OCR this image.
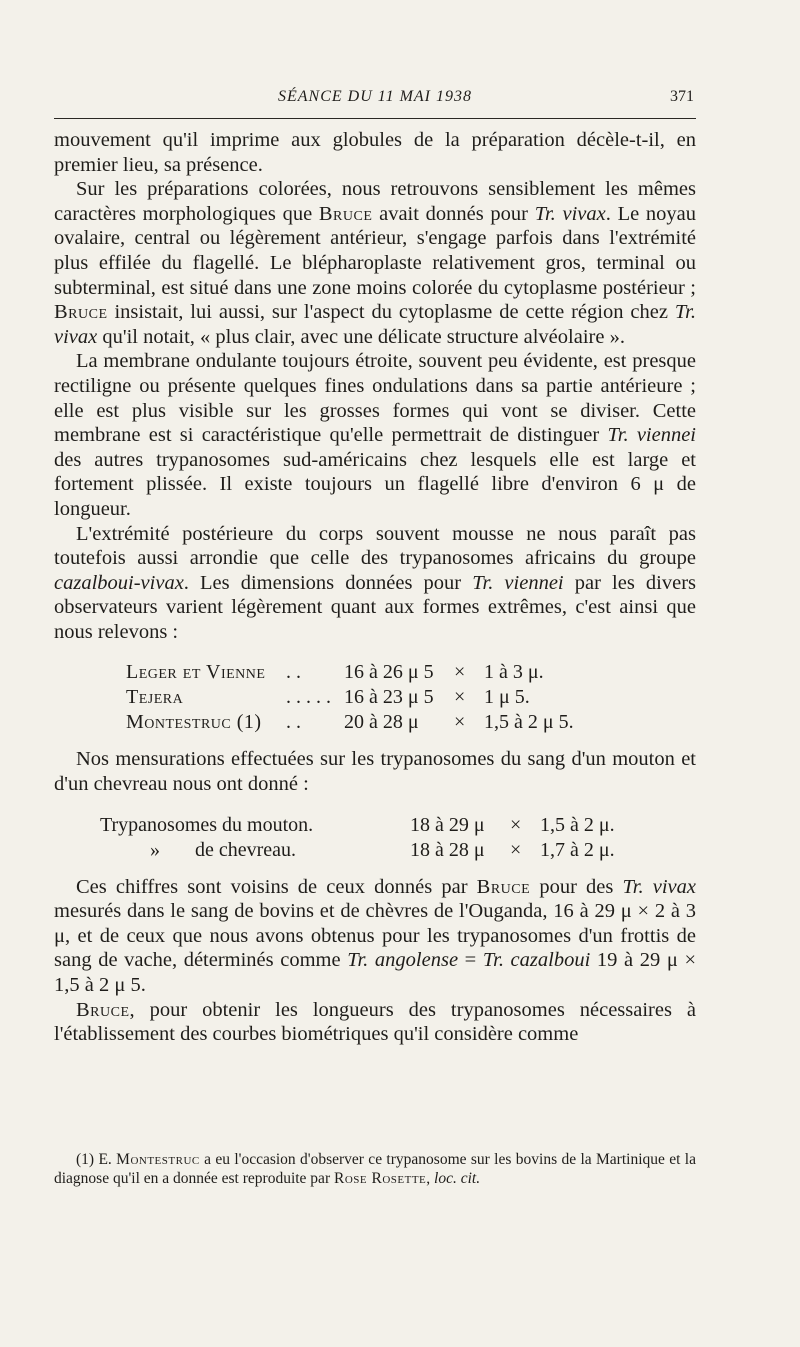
SÉANCE DU 11 MAI 1938	371

mouvement qu'il imprime aux globules de la préparation décèle-t-il, en premier lieu, sa présence.

Sur les préparations colorées, nous retrouvons sensiblement les mêmes caractères morphologiques que Bruce avait donnés pour Tr. vivax. Le noyau ovalaire, central ou légèrement antérieur, s'engage parfois dans l'extrémité plus effilée du flagellé. Le blépharoplaste relativement gros, terminal ou subterminal, est situé dans une zone moins colorée du cytoplasme postérieur ; Bruce insistait, lui aussi, sur l'aspect du cytoplasme de cette région chez Tr. vivax qu'il notait, « plus clair, avec une délicate structure alvéolaire ».

La membrane ondulante toujours étroite, souvent peu évidente, est presque rectiligne ou présente quelques fines ondulations dans sa partie antérieure ; elle est plus visible sur les grosses formes qui vont se diviser. Cette membrane est si caractéristique qu'elle permettrait de distinguer Tr. viennei des autres trypanosomes sud-américains chez lesquels elle est large et fortement plissée. Il existe toujours un flagellé libre d'environ 6 μ de longueur.

L'extrémité postérieure du corps souvent mousse ne nous paraît pas toutefois aussi arrondie que celle des trypanosomes africains du groupe cazalboui-vivax. Les dimensions données pour Tr. viennei par les divers observateurs varient légèrement quant aux formes extrêmes, c'est ainsi que nous relevons :

	Leger et Vienne	. .	16 à 26 μ 5	×	1 à 3 μ.
	Tejera	. . . . .	16 à 23 μ 5	×	1 μ 5.
	Montestruc (1)	. .	20 à 28 μ	×	1,5 à 2 μ 5.

Nos mensurations effectuées sur les trypanosomes du sang d'un mouton et d'un chevreau nous ont donné :

	Trypanosomes du mouton.	18 à 29 μ	×	1,5 à 2 μ.
	»       de chevreau.	18 à 28 μ	×	1,7 à 2 μ.

Ces chiffres sont voisins de ceux donnés par Bruce pour des Tr. vivax mesurés dans le sang de bovins et de chèvres de l'Ouganda, 16 à 29 μ × 2 à 3 μ, et de ceux que nous avons obtenus pour les trypanosomes d'un frottis de sang de vache, déterminés comme Tr. angolense = Tr. cazalboui 19 à 29 μ × 1,5 à 2 μ 5.

Bruce, pour obtenir les longueurs des trypanosomes nécessaires à l'établissement des courbes biométriques qu'il considère comme

(1) E. Montestruc a eu l'occasion d'observer ce trypanosome sur les bovins de la Martinique et la diagnose qu'il en a donnée est reproduite par Rose Rosette, loc. cit.
